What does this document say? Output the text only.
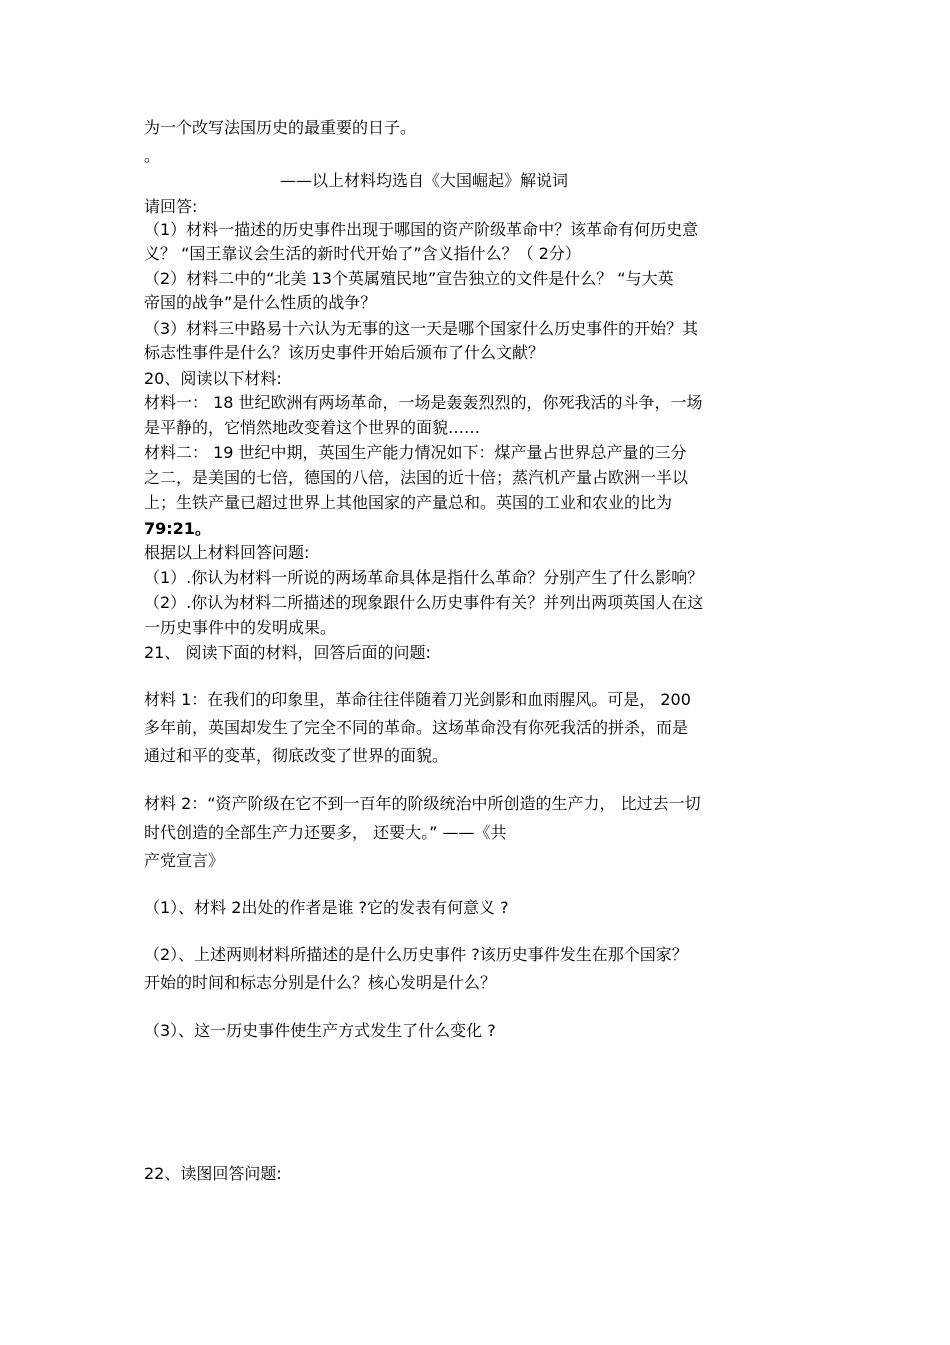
为一个改写法国历史的最重要的日子。
。
——以上材料均选自《大国崛起》解说词
请回答:
（1）材料一描述的历史事件出现于哪国的资产阶级革命中？该革命有何历史意
义？ “国王靠议会生活的新时代开始了”含义指什么？（ 2分）
（2）材料二中的“北美 13个英属殖民地”宣告独立的文件是什么？ “与大英
帝国的战争”是什么性质的战争？
（3）材料三中路易十六认为无事的这一天是哪个国家什么历史事件的开始？其
标志性事件是什么？该历史事件开始后颁布了什么文献？
20、阅读以下材料:
材料一： 18 世纪欧洲有两场革命，一场是轰轰烈烈的，你死我活的斗争，一场
是平静的，它悄然地改变着这个世界的面貌……
材料二： 19 世纪中期，英国生产能力情况如下：煤产量占世界总产量的三分
之二，是美国的七倍，德国的八倍，法国的近十倍；蒸汽机产量占欧洲一半以
上；生铁产量已超过世界上其他国家的产量总和。英国的工业和农业的比为
79:21。
根据以上材料回答问题:
（1）.你认为材料一所说的两场革命具体是指什么革命？分别产生了什么影响？
（2）.你认为材料二所描述的现象跟什么历史事件有关？并列出两项英国人在这
一历史事件中的发明成果。
21、 阅读下面的材料，回答后面的问题:
材料 1：在我们的印象里，革命往往伴随着刀光剑影和血雨腥风。可是， 200
多年前，英国却发生了完全不同的革命。这场革命没有你死我活的拼杀，而是
通过和平的变革，彻底改变了世界的面貌。
材料 2：“资产阶级在它不到一百年的阶级统治中所创造的生产力， 比过去一切
时代创造的全部生产力还要多， 还要大。” ——《共
产党宣言》
（1）、材料 2出处的作者是谁 ?它的发表有何意义 ?
（2）、上述两则材料所描述的是什么历史事件 ?该历史事件发生在那个国家？
开始的时间和标志分别是什么？核心发明是什么？
（3）、这一历史事件使生产方式发生了什么变化 ?
22、读图回答问题:
